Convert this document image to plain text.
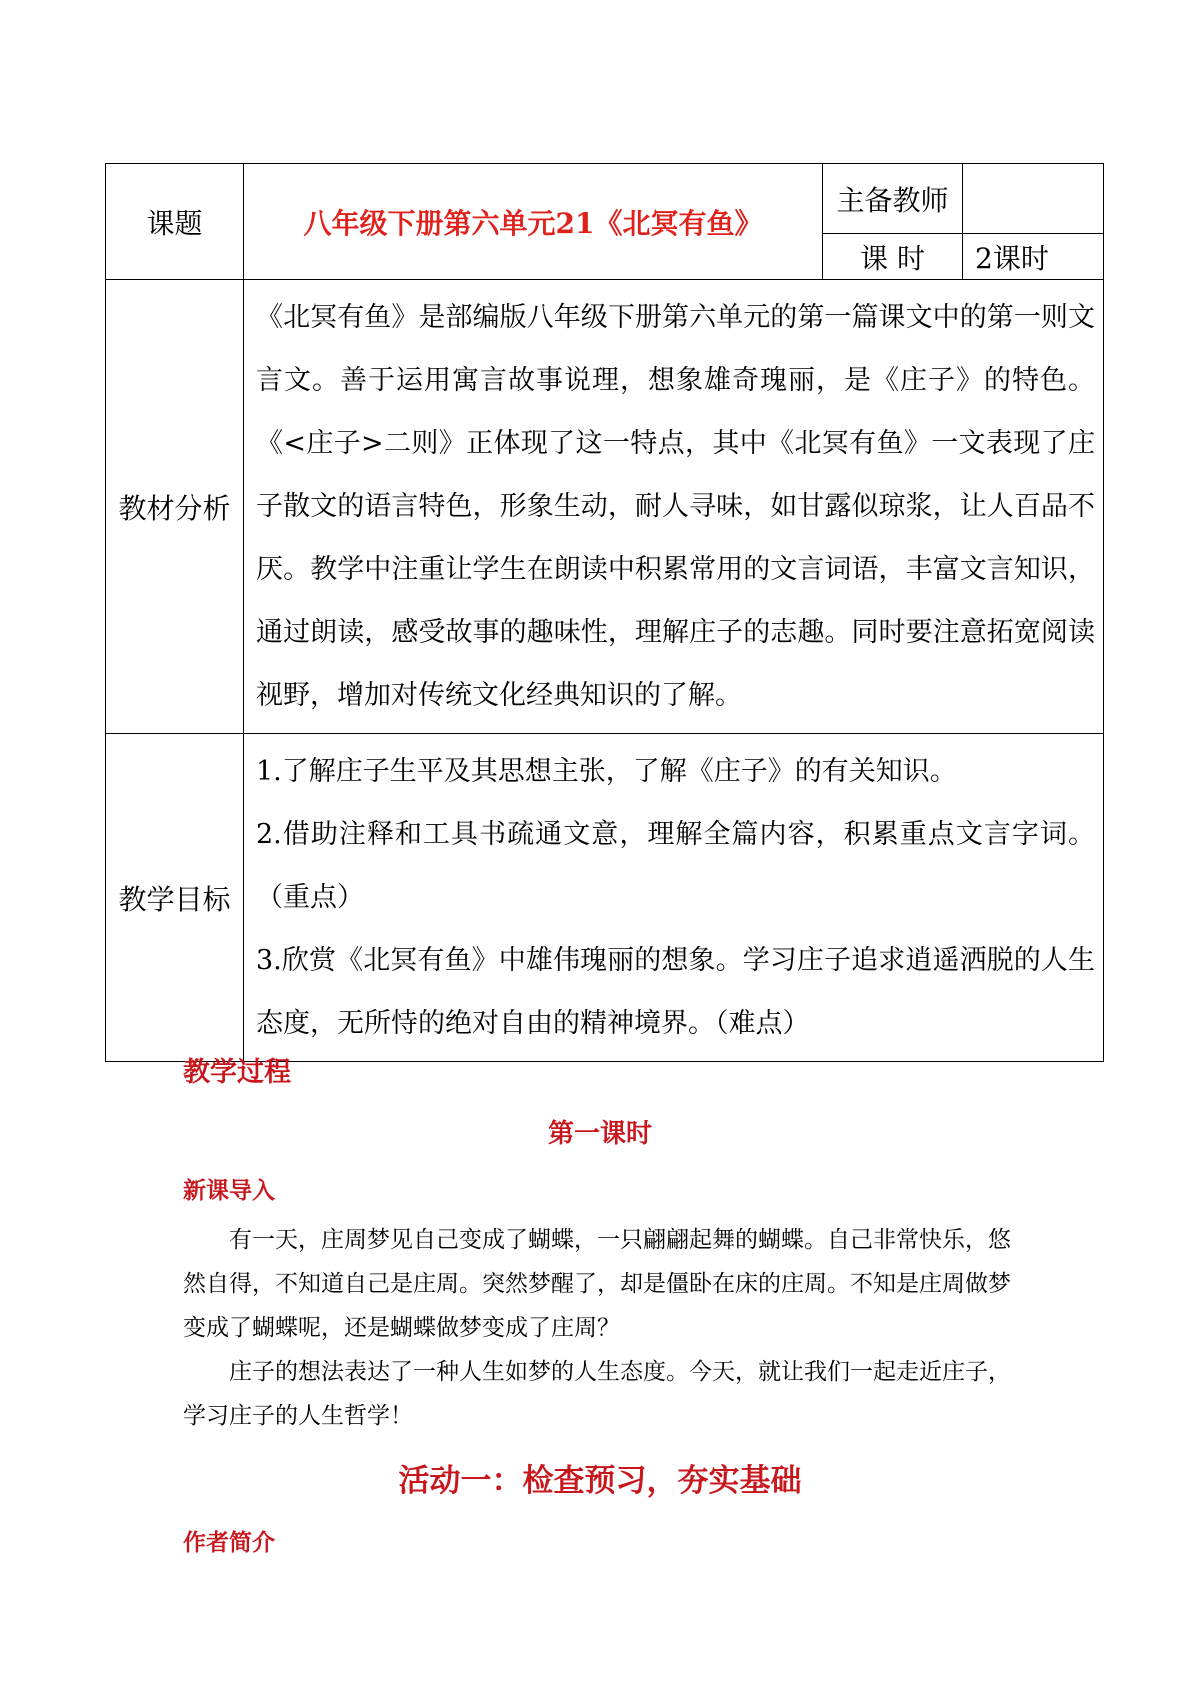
课题	八年级下册第六单元21《北冥有鱼》	主备教师	
		课 时	2课时
教材分析	《北冥有鱼》是部编版八年级下册第六单元的第一篇课文中的第一则文言文。善于运用寓言故事说理，想象雄奇瑰丽，是《庄子》的特色。《<庄子>二则》正体现了这一特点，其中《北冥有鱼》一文表现了庄子散文的语言特色，形象生动，耐人寻味，如甘露似琼浆，让人百品不厌。教学中注重让学生在朗读中积累常用的文言词语，丰富文言知识，通过朗读，感受故事的趣味性，理解庄子的志趣。同时要注意拓宽阅读视野，增加对传统文化经典知识的了解。		

教学目标	1.了解庄子生平及其思想主张，了解《庄子》的有关知识。

2.借助注释和工具书疏通文意，理解全篇内容，积累重点文言字词。（重点）

3.欣赏《北冥有鱼》中雄伟瑰丽的想象。学习庄子追求逍遥洒脱的人生态度，无所恃的绝对自由的精神境界。（难点）		

教学过程
第一课时
新课导入

有一天，庄周梦见自己变成了蝴蝶，一只翩翩起舞的蝴蝶。自己非常快乐，悠然自得，不知道自己是庄周。突然梦醒了，却是僵卧在床的庄周。不知是庄周做梦变成了蝴蝶呢，还是蝴蝶做梦变成了庄周？

庄子的想法表达了一种人生如梦的人生态度。今天，就让我们一起走近庄子，学习庄子的人生哲学！

活动一：检查预习，夯实基础
作者简介
